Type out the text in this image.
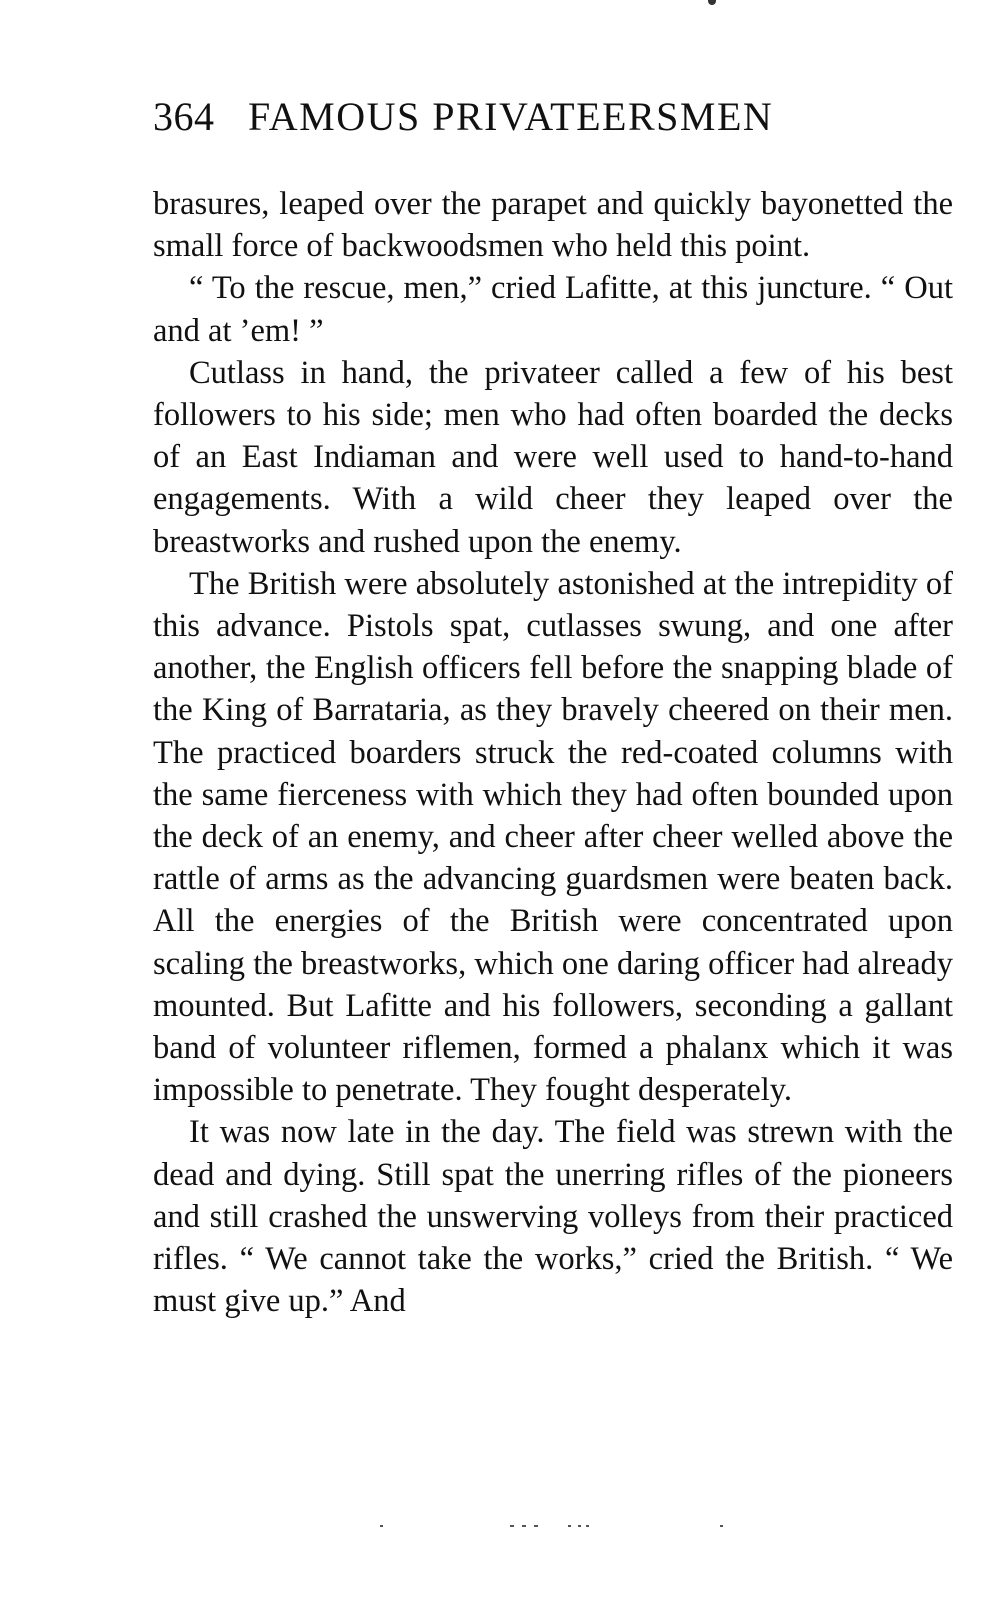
364 FAMOUS PRIVATEERSMEN

brasures, leaped over the parapet and quickly bayonetted the small force of backwoodsmen who held this point.

“ To the rescue, men,” cried Lafitte, at this juncture. “ Out and at ’em! ”

Cutlass in hand, the privateer called a few of his best followers to his side; men who had often boarded the decks of an East Indiaman and were well used to hand-to-hand engagements. With a wild cheer they leaped over the breastworks and rushed upon the enemy.

The British were absolutely astonished at the intrepidity of this advance. Pistols spat, cutlasses swung, and one after another, the English officers fell before the snapping blade of the King of Barrataria, as they bravely cheered on their men. The practiced boarders struck the red-coated columns with the same fierceness with which they had often bounded upon the deck of an enemy, and cheer after cheer welled above the rattle of arms as the advancing guardsmen were beaten back. All the energies of the British were concentrated upon scaling the breastworks, which one daring officer had already mounted. But Lafitte and his followers, seconding a gallant band of volunteer riflemen, formed a phalanx which it was impossible to penetrate. They fought desperately.

It was now late in the day. The field was strewn with the dead and dying. Still spat the unerring rifles of the pioneers and still crashed the unswerving volleys from their practiced rifles. “ We cannot take the works,” cried the British. “ We must give up.” And
